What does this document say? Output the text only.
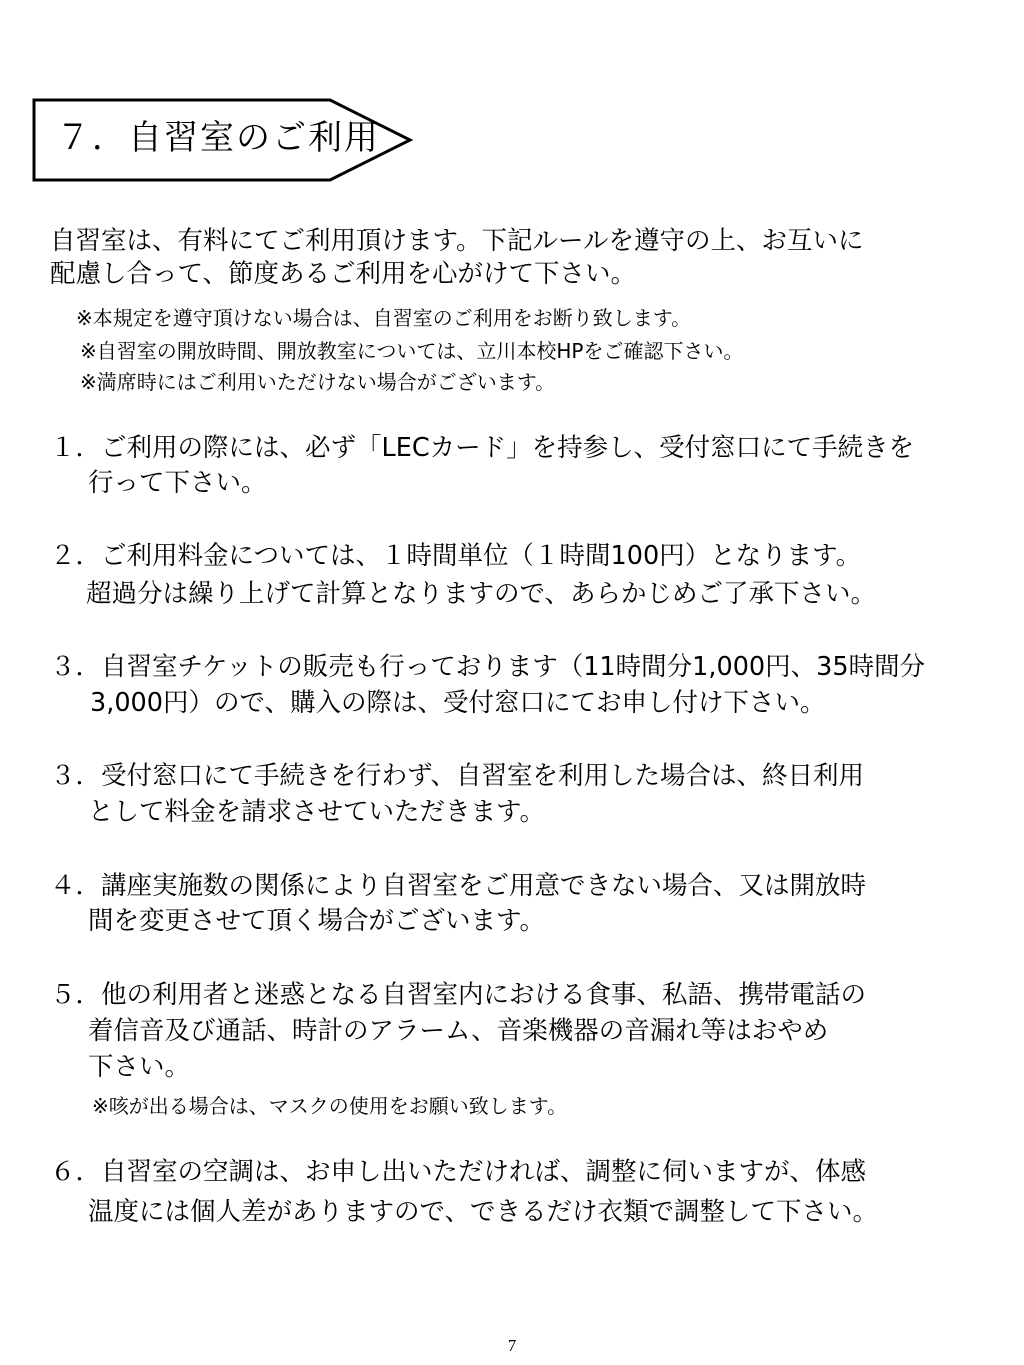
７．自習室のご利用
自習室は、有料にてご利用頂けます。下記ルールを遵守の上、お互いに
配慮し合って、節度あるご利用を心がけて下さい。
※本規定を遵守頂けない場合は、自習室のご利用をお断り致します。
※自習室の開放時間、開放教室については、立川本校HPをご確認下さい。
※満席時にはご利用いただけない場合がございます。
１．ご利用の際には、必ず「LECカード」を持参し、受付窓口にて手続きを
行って下さい。
２．ご利用料金については、１時間単位（１時間100円）となります。
超過分は繰り上げて計算となりますので、あらかじめご了承下さい。
３．自習室チケットの販売も行っております（11時間分1,000円、35時間分
3,000円）ので、購入の際は、受付窓口にてお申し付け下さい。
３．受付窓口にて手続きを行わず、自習室を利用した場合は、終日利用
として料金を請求させていただきます。
４．講座実施数の関係により自習室をご用意できない場合、又は開放時
間を変更させて頂く場合がございます。
５．他の利用者と迷惑となる自習室内における食事、私語、携帯電話の
着信音及び通話、時計のアラーム、音楽機器の音漏れ等はおやめ
下さい。
※咳が出る場合は、マスクの使用をお願い致します。
６．自習室の空調は、お申し出いただければ、調整に伺いますが、体感
温度には個人差がありますので、できるだけ衣類で調整して下さい。
7
